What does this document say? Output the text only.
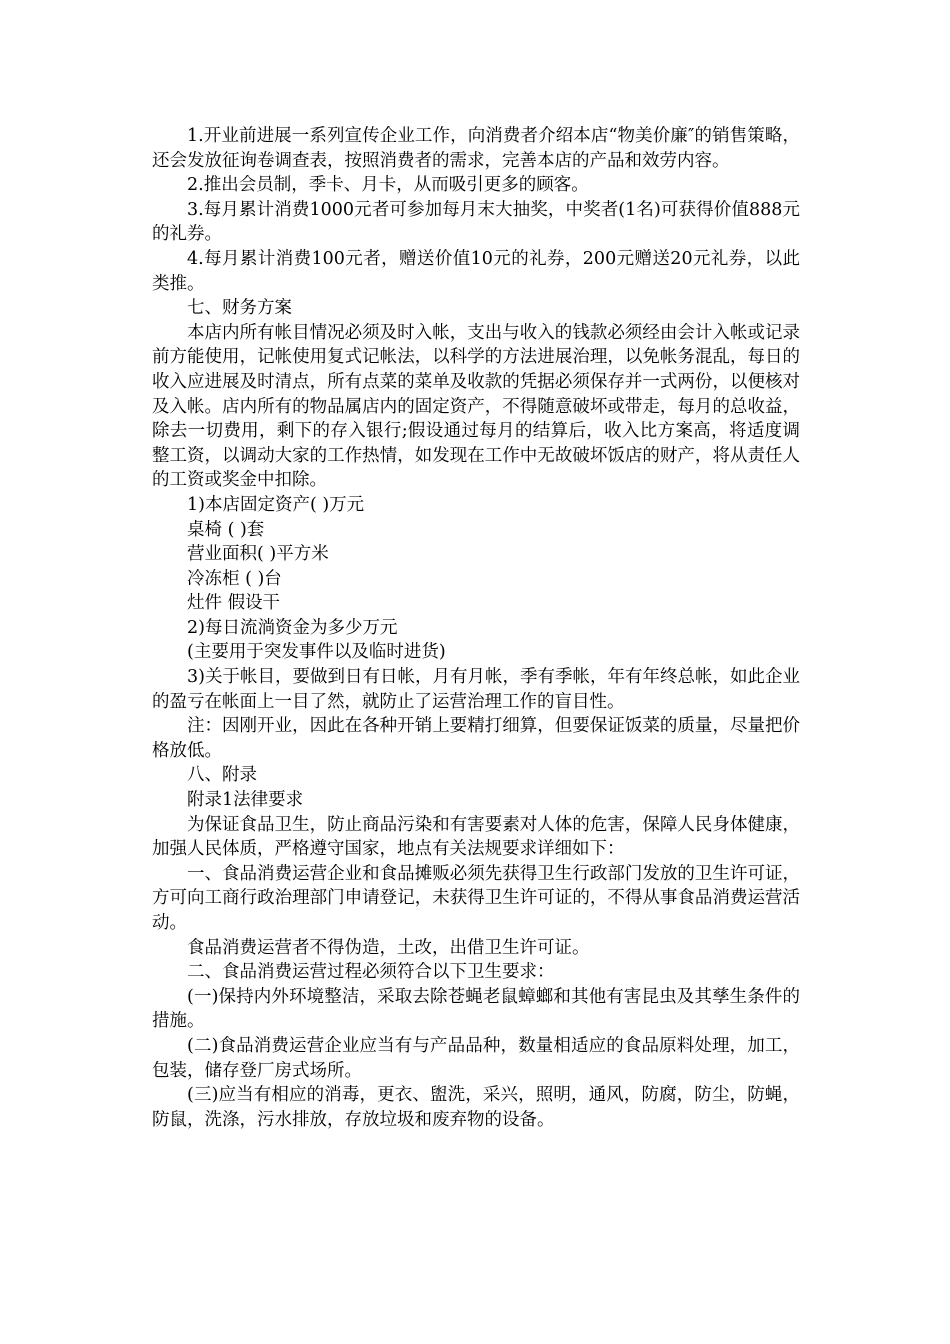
1.开业前进展一系列宣传企业工作，向消费者介绍本店“物美价廉″的销售策略，还会发放征询卷调查表，按照消费者的需求，完善本店的产品和效劳内容。

2.推出会员制，季卡、月卡，从而吸引更多的顾客。

3.每月累计消费1000元者可参加每月末大抽奖，中奖者(1名)可获得价值888元的礼券。

4.每月累计消费100元者，赠送价值10元的礼券，200元赠送20元礼券，以此类推。

七、财务方案

本店内所有帐目情况必须及时入帐，支出与收入的钱款必须经由会计入帐或记录前方能使用，记帐使用复式记帐法，以科学的方法进展治理，以免帐务混乱，每日的收入应进展及时清点，所有点菜的菜单及收款的凭据必须保存并一式两份，以便核对及入帐。店内所有的物品属店内的固定资产，不得随意破坏或带走，每月的总收益，除去一切费用，剩下的存入银行;假设通过每月的结算后，收入比方案高，将适度调整工资，以调动大家的工作热情，如发现在工作中无故破坏饭店的财产，将从责任人的工资或奖金中扣除。

1)本店固定资产( )万元

桌椅 ( )套

营业面积( )平方米

冷冻柜 ( )台

灶件 假设干

2)每日流淌资金为多少万元

(主要用于突发事件以及临时进货)

3)关于帐目，要做到日有日帐，月有月帐，季有季帐，年有年终总帐，如此企业的盈亏在帐面上一目了然，就防止了运营治理工作的盲目性。

注：因刚开业，因此在各种开销上要精打细算，但要保证饭菜的质量，尽量把价格放低。

八、附录

附录1法律要求

为保证食品卫生，防止商品污染和有害要素对人体的危害，保障人民身体健康，加强人民体质，严格遵守国家，地点有关法规要求详细如下：

一、食品消费运营企业和食品摊贩必须先获得卫生行政部门发放的卫生许可证，方可向工商行政治理部门申请登记，未获得卫生许可证的，不得从事食品消费运营活动。

食品消费运营者不得伪造，土改，出借卫生许可证。

二、食品消费运营过程必须符合以下卫生要求：

(一)保持内外环境整洁，采取去除苍蝇老鼠蟑螂和其他有害昆虫及其孳生条件的措施。

(二)食品消费运营企业应当有与产品品种，数量相适应的食品原料处理，加工，包装，储存登厂房式场所。

(三)应当有相应的消毒，更衣、盥洗，采兴，照明，通风，防腐，防尘，防蝇，防鼠，洗涤，污水排放，存放垃圾和废弃物的设备。
